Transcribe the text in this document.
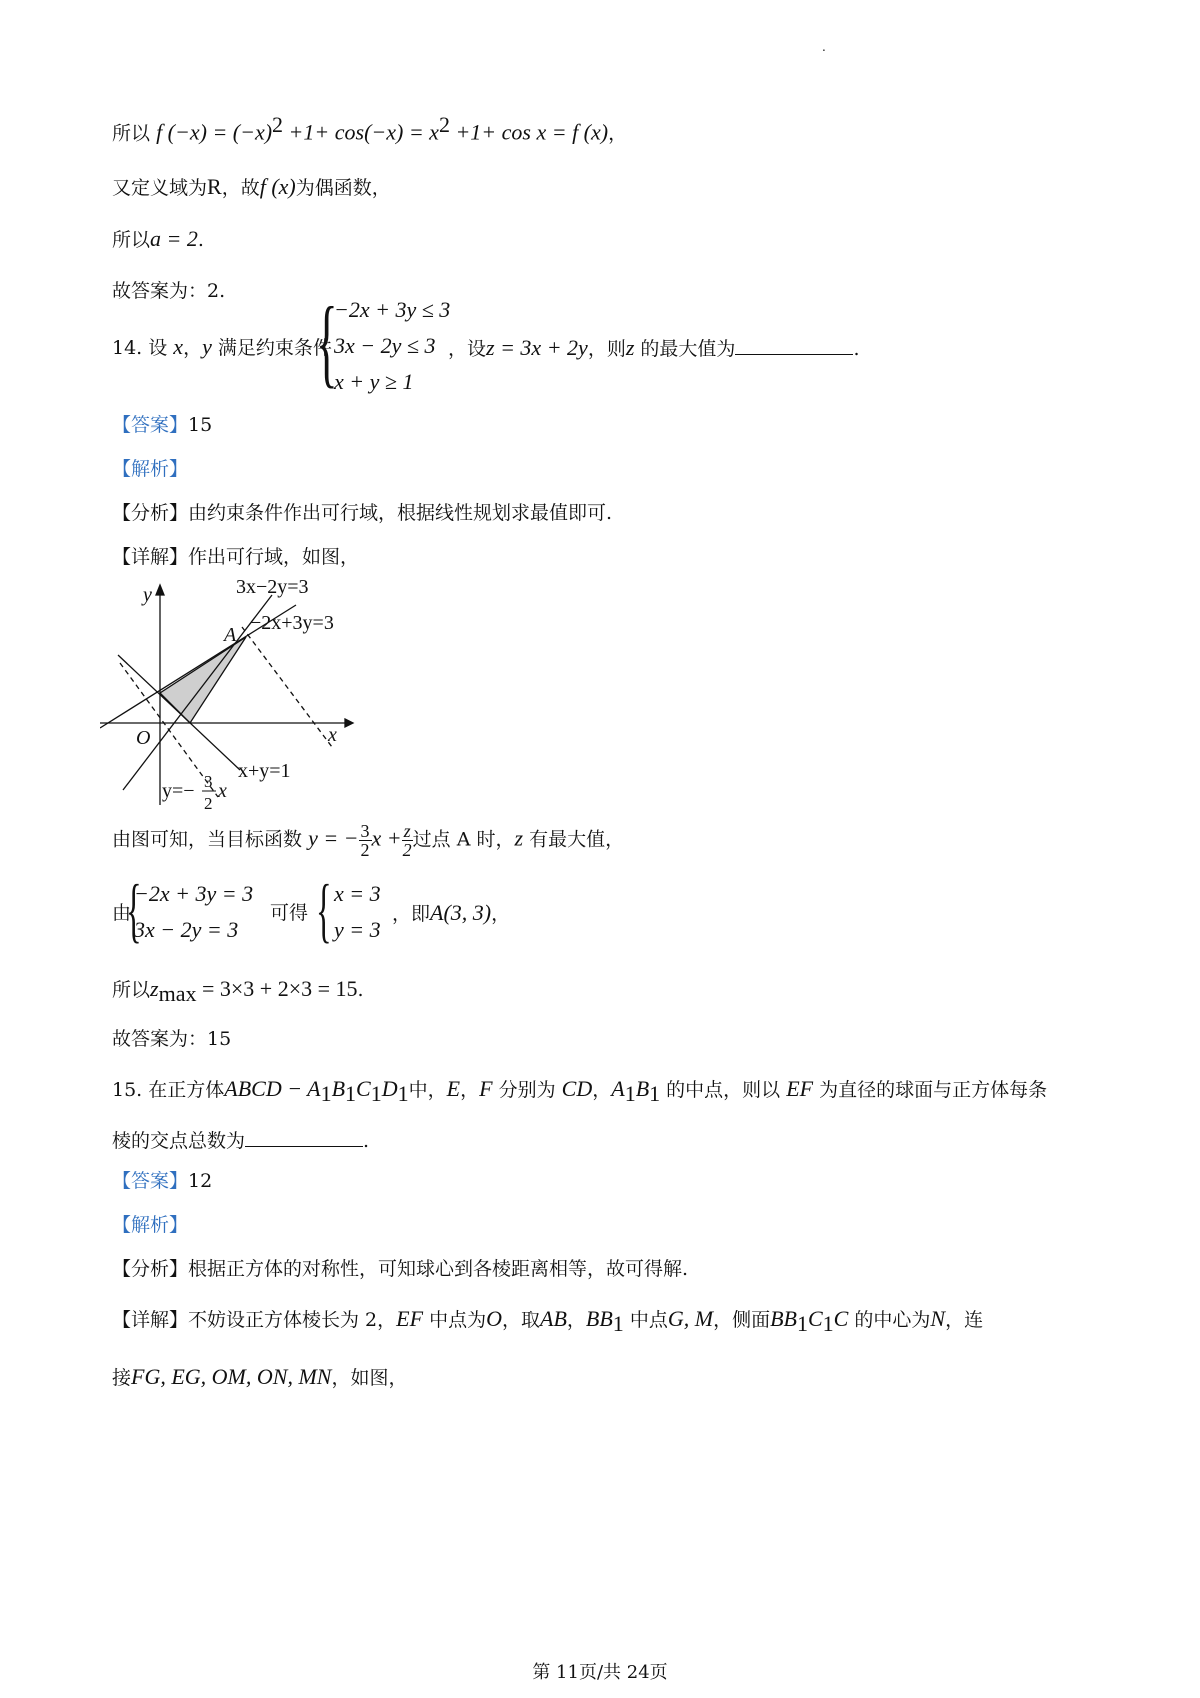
.
所以 f $(-x) = (-x)^2 +1+ \cos(-x) = x^2 +1+ \cos x = f$ (x)，
又定义域为R，故f (x)为偶函数，
所以a = 2.
故答案为：2.
14. 设 x，y 满足约束条件
{
−2x + 3y ≤ 3
3x − 2y ≤ 3
x + y ≥ 1
，设z = 3x + 2y，则z 的最大值为	.
【答案】15
【解析】
【分析】由约束条件作出可行域，根据线性规划求最值即可.
【详解】作出可行域，如图，
y
x
O
A
3x−2y=3
−2x+3y=3
x+y=1
y=− 3
2
x
由图可知，当目标函数 y = − $\frac{3}{2}$ $x + \frac{z}{2}$ 过点 A 时，z 有最大值，
由
{
−2x + 3y = 3
3x − 2y = 3
可得 { x = 3
y = 3
，即A(3, 3)，
所以$z_{max} = 3\times 3 + 2\times 3 = 15$.
故答案为：15
15. 在正方体ABCD − $A_1B_1C_1D_1$中，E，F 分别为 CD，$A_1B_1$ 的中点，则以 EF 为直径的球面与正方体每条
棱的交点总数为	.
【答案】12
【解析】
【分析】根据正方体的对称性，可知球心到各棱距离相等，故可得解.
【详解】不妨设正方体棱长为 2，EF 中点为O，取AB，$BB_1$ 中点G, M，侧面$BB_1C_1C$ 的中心为N，连
接FG, EG, OM, ON, MN，如图，
第 11页/共 24页
